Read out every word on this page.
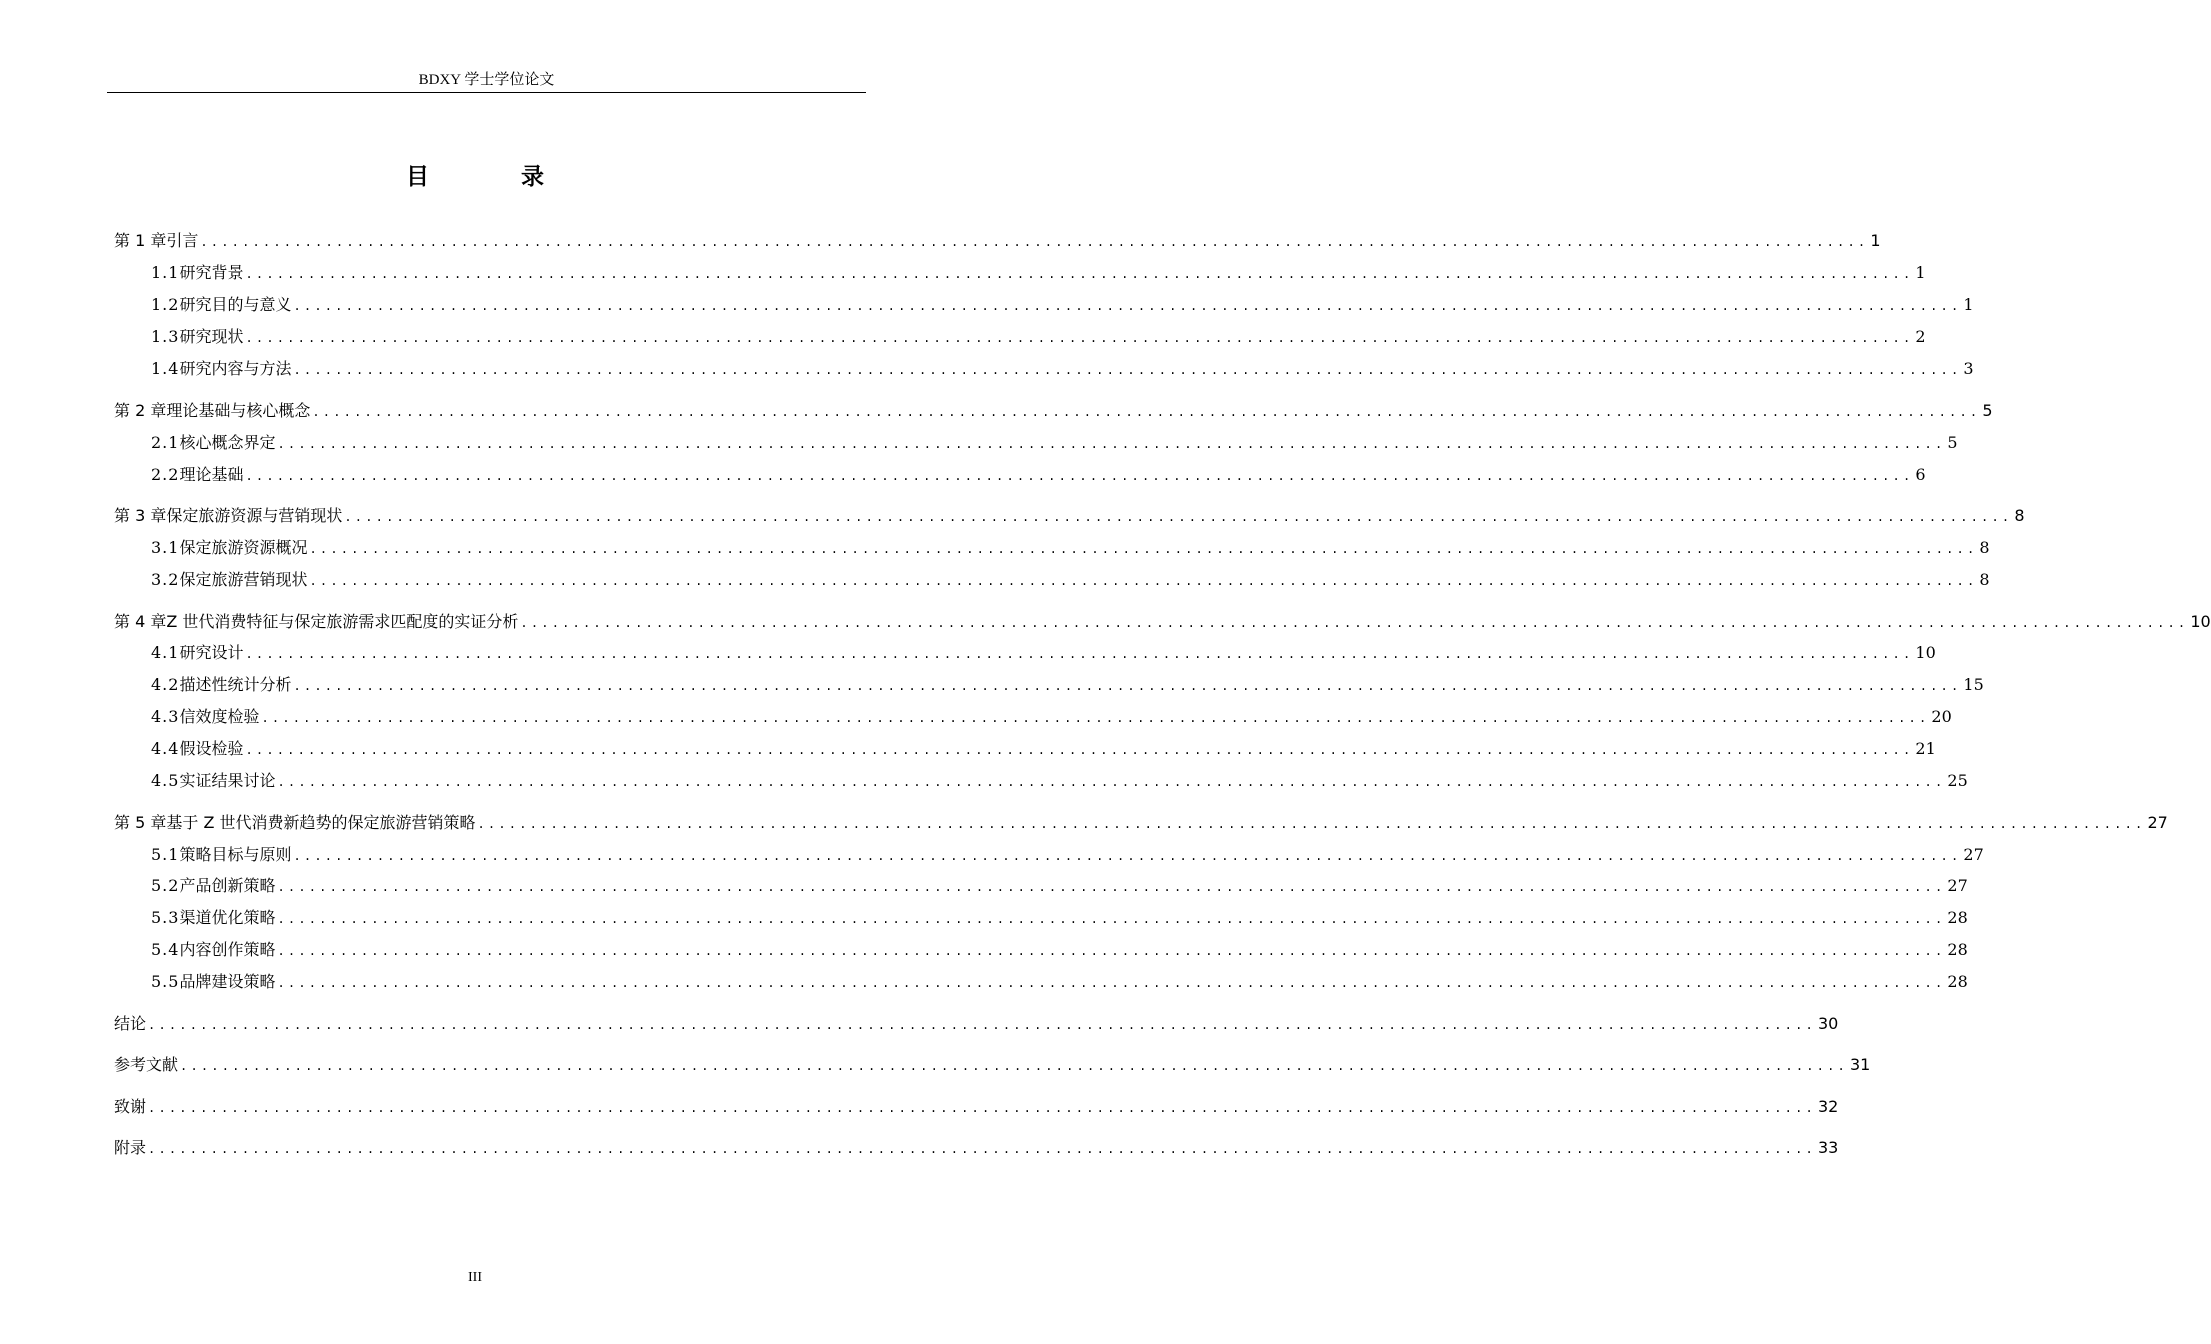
BDXY 学士学位论文
目 录
第 1 章 引言 ................................................................................................................................................................ 1
1.1 研究背景 ................................................................................................................................................................ 1
1.2 研究目的与意义 ................................................................................................................................................................ 1
1.3 研究现状 ................................................................................................................................................................ 2
1.4 研究内容与方法 ................................................................................................................................................................ 3
第 2 章 理论基础与核心概念 ................................................................................................................................................................ 5
2.1 核心概念界定 ................................................................................................................................................................ 5
2.2 理论基础 ................................................................................................................................................................ 6
第 3 章 保定旅游资源与营销现状 ................................................................................................................................................................ 8
3.1 保定旅游资源概况 ................................................................................................................................................................ 8
3.2 保定旅游营销现状 ................................................................................................................................................................ 8
第 4 章 Z 世代消费特征与保定旅游需求匹配度的实证分析 ................................................................................................................................................................ 10
4.1 研究设计 ................................................................................................................................................................ 10
4.2 描述性统计分析 ................................................................................................................................................................ 15
4.3 信效度检验 ................................................................................................................................................................ 20
4.4 假设检验 ................................................................................................................................................................ 21
4.5 实证结果讨论 ................................................................................................................................................................ 25
第 5 章 基于 Z 世代消费新趋势的保定旅游营销策略 ................................................................................................................................................................ 27
5.1 策略目标与原则 ................................................................................................................................................................ 27
5.2 产品创新策略 ................................................................................................................................................................ 27
5.3 渠道优化策略 ................................................................................................................................................................ 28
5.4 内容创作策略 ................................................................................................................................................................ 28
5.5 品牌建设策略 ................................................................................................................................................................ 28
结论 ................................................................................................................................................................ 30
参考文献 ................................................................................................................................................................ 31
致谢 ................................................................................................................................................................ 32
附录 ................................................................................................................................................................ 33
III
